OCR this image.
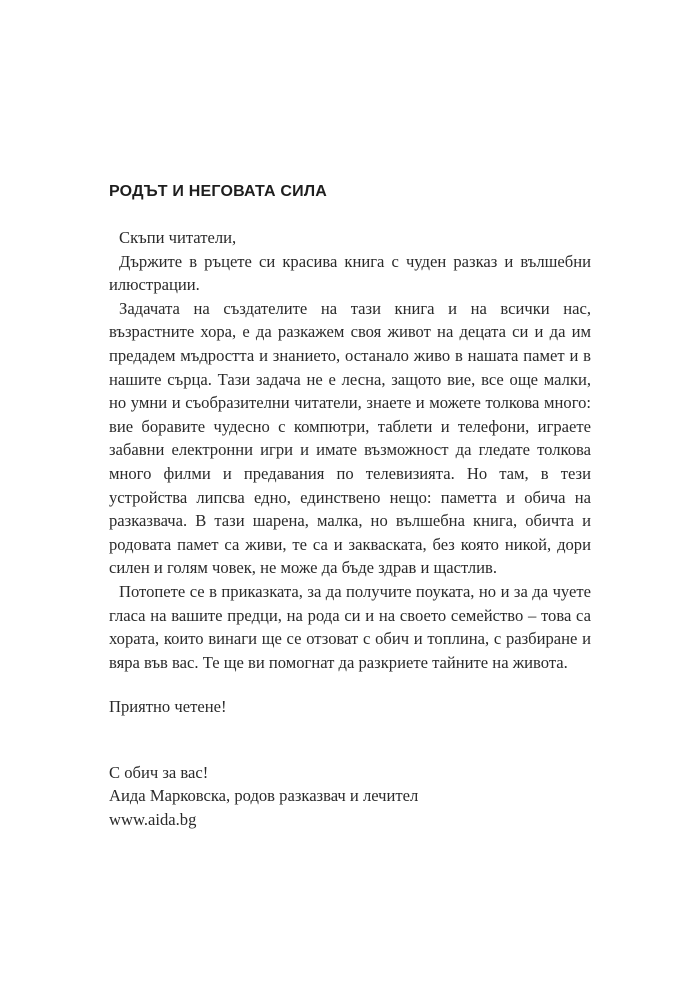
РОДЪТ И НЕГОВАТА СИЛА

Скъпи читатели,

Държите в ръцете си красива книга с чуден разказ и вълшебни илюстрации.

Задачата на създателите на тази книга и на всички нас, възрастните хора, е да разкажем своя живот на децата си и да им предадем мъдростта и знанието, останало живо в нашата памет и в нашите сърца. Тази задача не е лесна, защото вие, все още малки, но умни и съобразителни читатели, знаете и можете толкова много: вие боравите чудесно с компютри, таблети и телефони, играете забавни електронни игри и имате възможност да гледате толкова много филми и предавания по телевизията. Но там, в тези устройства липсва едно, единствено нещо: паметта и обича на разказвача. В тази шарена, малка, но вълшебна книга, обичта и родовата памет са живи, те са и закваската, без която никой, дори силен и голям човек, не може да бъде здрав и щастлив.

Потопете се в приказката, за да получите поуката, но и за да чуете гласа на вашите предци, на рода си и на своето семейство – това са хората, които винаги ще се отзоват с обич и топлина, с разбиране и вяра във вас. Те ще ви помогнат да разкриете тайните на живота.

Приятно четене!

С обич за вас!

Аида Марковска, родов разказвач и лечител

www.aida.bg
